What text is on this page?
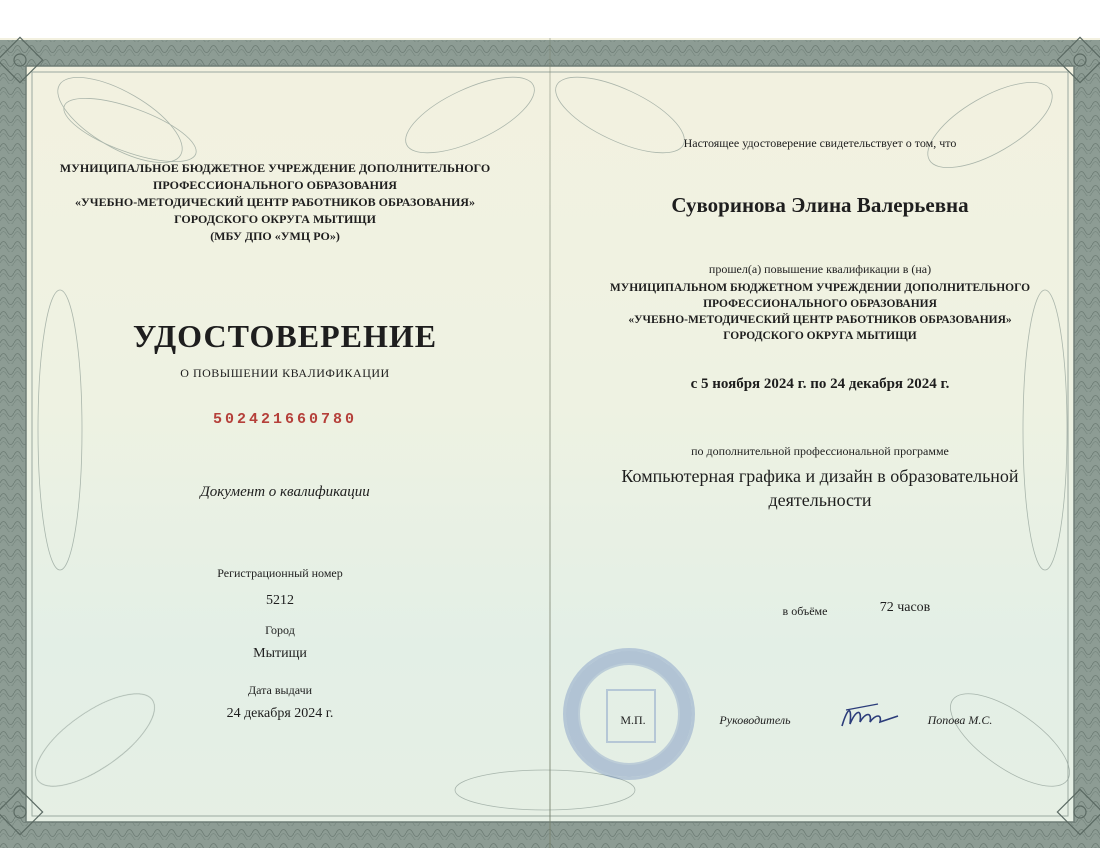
МУНИЦИПАЛЬНОЕ БЮДЖЕТНОЕ УЧРЕЖДЕНИЕ ДОПОЛНИТЕЛЬНОГО
ПРОФЕССИОНАЛЬНОГО ОБРАЗОВАНИЯ
«УЧЕБНО-МЕТОДИЧЕСКИЙ ЦЕНТР РАБОТНИКОВ ОБРАЗОВАНИЯ»
ГОРОДСКОГО ОКРУГА МЫТИЩИ
(МБУ ДПО «УМЦ РО»)
УДОСТОВЕРЕНИЕ
О ПОВЫШЕНИИ КВАЛИФИКАЦИИ
502421660780
Документ о квалификации
Регистрационный номер
5212
Город
Мытищи
Дата выдачи
24 декабря 2024 г.
Настоящее удостоверение свидетельствует о том, что
Суворинова Элина Валерьевна
прошел(а) повышение квалификации в (на)
МУНИЦИПАЛЬНОМ БЮДЖЕТНОМ УЧРЕЖДЕНИИ ДОПОЛНИТЕЛЬНОГО
ПРОФЕССИОНАЛЬНОГО ОБРАЗОВАНИЯ
«УЧЕБНО-МЕТОДИЧЕСКИЙ ЦЕНТР РАБОТНИКОВ ОБРАЗОВАНИЯ»
ГОРОДСКОГО ОКРУГА МЫТИЩИ
с 5 ноября 2024 г. по 24 декабря 2024 г.
по дополнительной профессиональной программе
Компьютерная графика и дизайн в образовательной деятельности
в объёме	72 часов
М.П.	Руководитель	Попова М.С.
